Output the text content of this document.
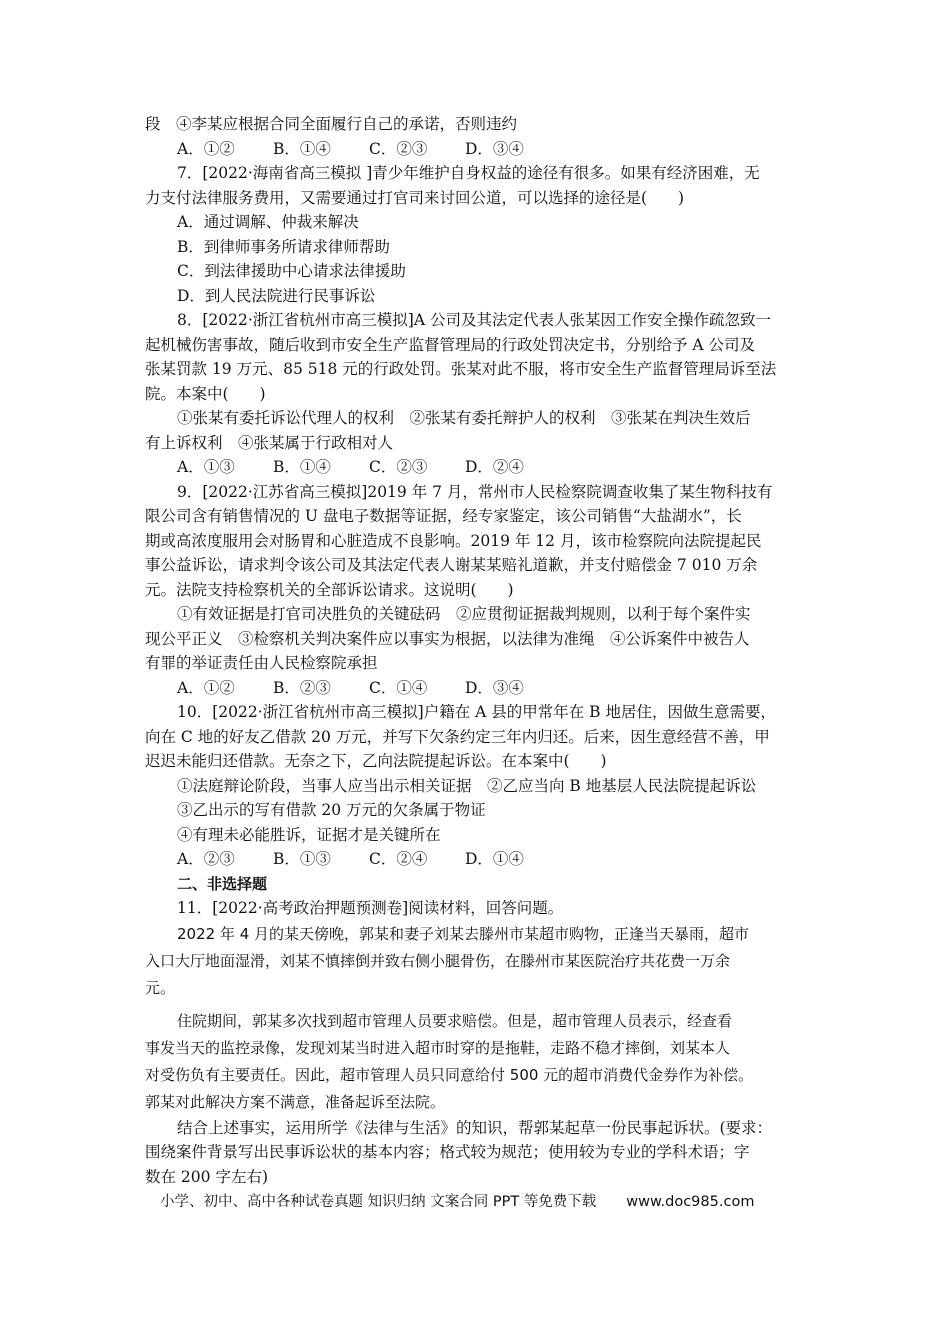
段　④李某应根据合同全面履行自己的承诺，否则违约
A．①② B．①④ C．②③ D．③④
7．[2022·海南省高三模拟 ]青少年维护自身权益的途径有很多。如果有经济困难，无
力支付法律服务费用，又需要通过打官司来讨回公道，可以选择的途径是(　　)
A．通过调解、仲裁来解决
B．到律师事务所请求律师帮助
C．到法律援助中心请求法律援助
D．到人民法院进行民事诉讼
8．[2022·浙江省杭州市高三模拟]A 公司及其法定代表人张某因工作安全操作疏忽致一
起机械伤害事故，随后收到市安全生产监督管理局的行政处罚决定书，分别给予 A 公司及
张某罚款 19 万元、85 518 元的行政处罚。张某对此不服，将市安全生产监督管理局诉至法
院。本案中(　　)
①张某有委托诉讼代理人的权利　②张某有委托辩护人的权利　③张某在判决生效后
有上诉权利　④张某属于行政相对人
A．①③ B．①④ C．②③ D．②④
9．[2022·江苏省高三模拟]2019 年 7 月，常州市人民检察院调查收集了某生物科技有
限公司含有销售情况的 U 盘电子数据等证据，经专家鉴定，该公司销售“大盐湖水”，长
期或高浓度服用会对肠胃和心脏造成不良影响。2019 年 12 月，该市检察院向法院提起民
事公益诉讼，请求判令该公司及其法定代表人谢某某赔礼道歉，并支付赔偿金 7 010 万余
元。法院支持检察机关的全部诉讼请求。这说明(　　)
①有效证据是打官司决胜负的关键砝码　②应贯彻证据裁判规则，以利于每个案件实
现公平正义　③检察机关判决案件应以事实为根据，以法律为准绳　④公诉案件中被告人
有罪的举证责任由人民检察院承担
A．①② B．②③ C．①④ D．③④
10．[2022·浙江省杭州市高三模拟]户籍在 A 县的甲常年在 B 地居住，因做生意需要，
向在 C 地的好友乙借款 20 万元，并写下欠条约定三年内归还。后来，因生意经营不善，甲
迟迟未能归还借款。无奈之下，乙向法院提起诉讼。在本案中(　　)
①法庭辩论阶段，当事人应当出示相关证据　②乙应当向 B 地基层人民法院提起诉讼
③乙出示的写有借款 20 万元的欠条属于物证
④有理未必能胜诉，证据才是关键所在
A．②③ B．①③ C．②④ D．①④
二、非选择题
11．[2022·高考政治押题预测卷]阅读材料，回答问题。
2022 年 4 月的某天傍晚，郭某和妻子刘某去滕州市某超市购物，正逢当天暴雨，超市
入口大厅地面湿滑，刘某不慎摔倒并致右侧小腿骨伤，在滕州市某医院治疗共花费一万余
元。
住院期间，郭某多次找到超市管理人员要求赔偿。但是，超市管理人员表示，经查看
事发当天的监控录像，发现刘某当时进入超市时穿的是拖鞋，走路不稳才摔倒，刘某本人
对受伤负有主要责任。因此，超市管理人员只同意给付 500 元的超市消费代金券作为补偿。
郭某对此解决方案不满意，准备起诉至法院。
结合上述事实，运用所学《法律与生活》的知识，帮郭某起草一份民事起诉状。(要求：
围绕案件背景写出民事诉讼状的基本内容；格式较为规范；使用较为专业的学科术语；字
数在 200 字左右)
小学、初中、高中各种试卷真题 知识归纳 文案合同 PPT 等免费下载 www.doc985.com
